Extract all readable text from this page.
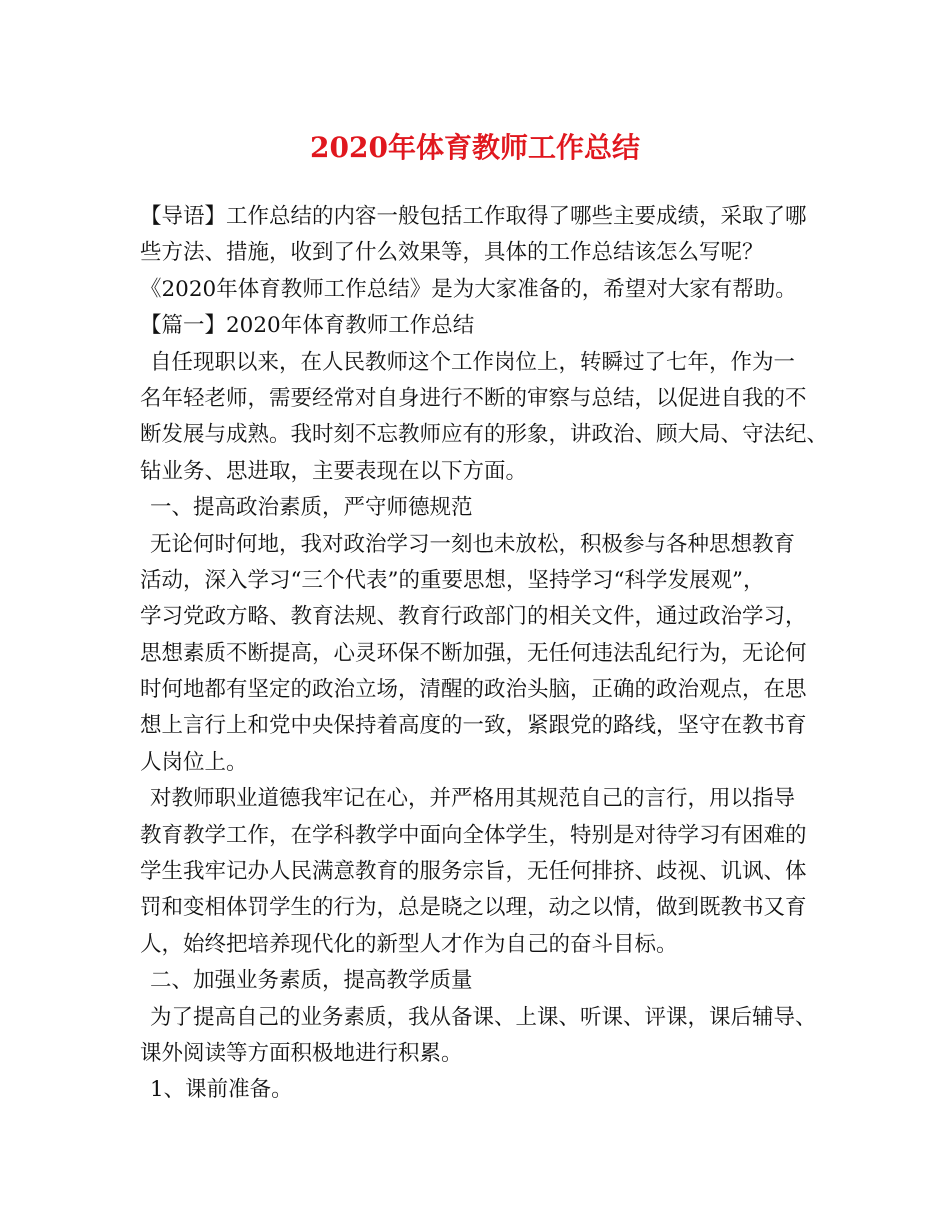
2020年体育教师工作总结
【导语】工作总结的内容一般包括工作取得了哪些主要成绩，采取了哪
些方法、措施，收到了什么效果等，具体的工作总结该怎么写呢？
《2020年体育教师工作总结》是为大家准备的，希望对大家有帮助。
【篇一】2020年体育教师工作总结
自任现职以来，在人民教师这个工作岗位上，转瞬过了七年，作为一
名年轻老师，需要经常对自身进行不断的审察与总结，以促进自我的不
断发展与成熟。我时刻不忘教师应有的形象，讲政治、顾大局、守法纪、
钻业务、思进取，主要表现在以下方面。
一、提高政治素质，严守师德规范
无论何时何地，我对政治学习一刻也未放松，积极参与各种思想教育
活动，深入学习“三个代表”的重要思想，坚持学习“科学发展观”，
学习党政方略、教育法规、教育行政部门的相关文件，通过政治学习，
思想素质不断提高，心灵环保不断加强，无任何违法乱纪行为，无论何
时何地都有坚定的政治立场，清醒的政治头脑，正确的政治观点，在思
想上言行上和党中央保持着高度的一致，紧跟党的路线，坚守在教书育
人岗位上。
对教师职业道德我牢记在心，并严格用其规范自己的言行，用以指导
教育教学工作，在学科教学中面向全体学生，特别是对待学习有困难的
学生我牢记办人民满意教育的服务宗旨，无任何排挤、歧视、讥讽、体
罚和变相体罚学生的行为，总是晓之以理，动之以情，做到既教书又育
人，始终把培养现代化的新型人才作为自己的奋斗目标。
二、加强业务素质，提高教学质量
为了提高自己的业务素质，我从备课、上课、听课、评课，课后辅导、
课外阅读等方面积极地进行积累。
1、课前准备。
